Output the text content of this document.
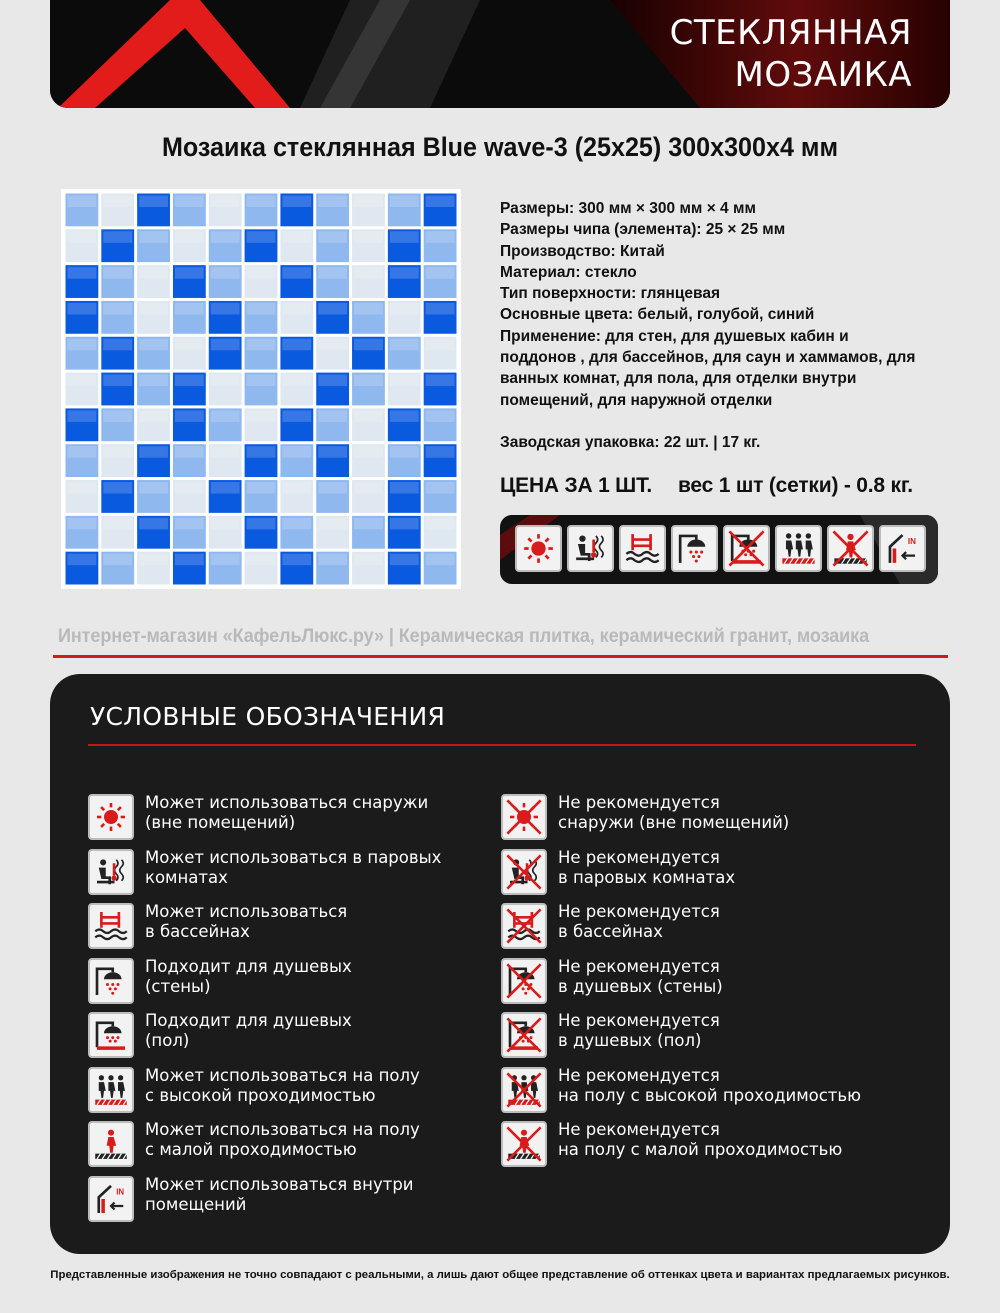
СТЕКЛЯННАЯ
МОЗАИКА
Мозаика стеклянная Blue wave-3 (25x25) 300x300x4 мм
Размеры: 300 мм × 300 мм × 4 мм
Размеры чипа (элемента): 25 × 25 мм
Производство: Китай
Материал: стекло
Тип поверхности: глянцевая
Основные цвета: белый, голубой, синий
Применение: для стен, для душевых кабин и
поддонов , для бассейнов, для саун и хаммамов, для
ванных комнат, для пола, для отделки внутри
помещений, для наружной отделки
Заводская упаковка: 22 шт. | 17 кг.
ЦЕНА ЗА 1 ШТ. вес 1 шт (сетки) - 0.8 кг.
IN
Интернет-магазин «КафельЛюкс.ру» | Керамическая плитка, керамический гранит, мозаика
УСЛОВНЫЕ ОБОЗНАЧЕНИЯ
Может использоваться снаружи
(вне помещений)
Может использоваться в паровых
комнатах
Может использоваться
в бассейнах
Подходит для душевых
(стены)
Подходит для душевых
(пол)
Может использоваться на полу
с высокой проходимостью
Может использоваться на полу
с малой проходимостью
IN Может использоваться внутри
помещений
Не рекомендуется
снаружи (вне помещений)
Не рекомендуется
в паровых комнатах
Не рекомендуется
в бассейнах
Не рекомендуется
в душевых (стены)
Не рекомендуется
в душевых (пол)
Не рекомендуется
на полу с высокой проходимостью
Не рекомендуется
на полу с малой проходимостью
Представленные изображения не точно совпадают с реальными, а лишь дают общее представление об оттенках цвета и вариантах предлагаемых рисунков.
